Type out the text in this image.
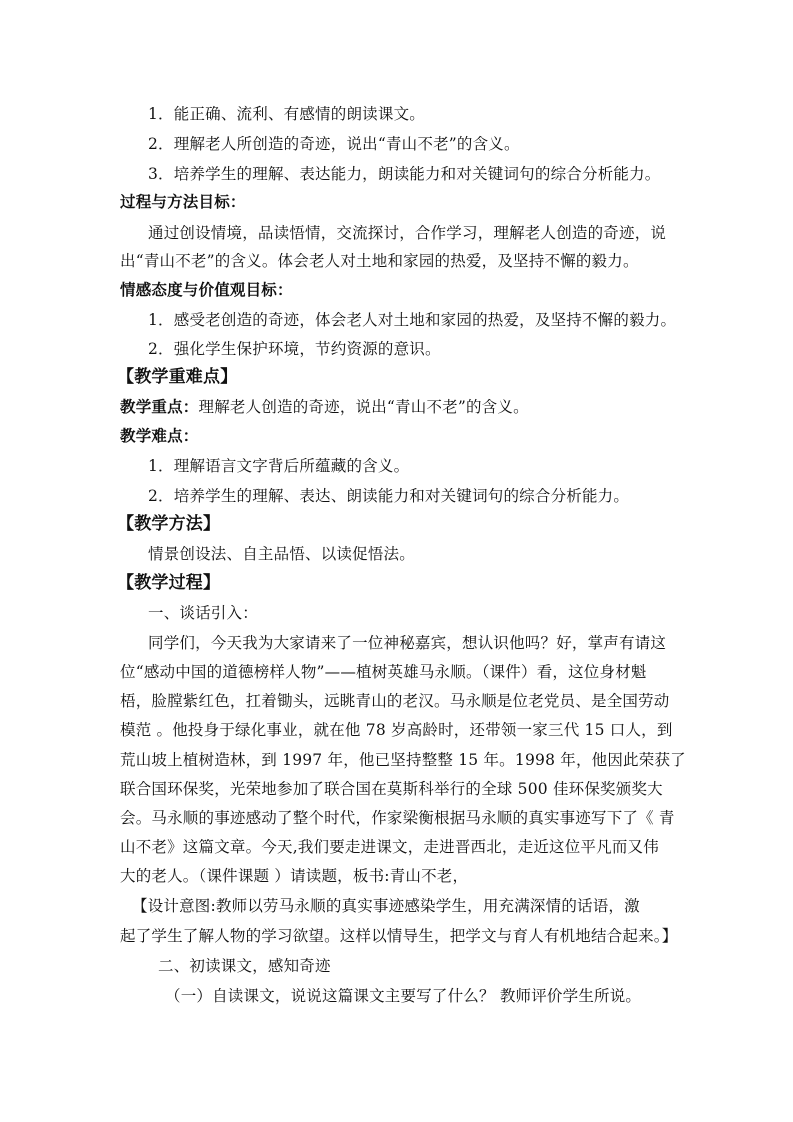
1．能正确、流利、有感情的朗读课文。
2．理解老人所创造的奇迹，说出“青山不老”的含义。
3．培养学生的理解、表达能力，朗读能力和对关键词句的综合分析能力。
过程与方法目标：
通过创设情境，品读悟情，交流探讨，合作学习，理解老人创造的奇迹，说
出“青山不老”的含义。体会老人对土地和家园的热爱，及坚持不懈的毅力。
情感态度与价值观目标：
1．感受老创造的奇迹，体会老人对土地和家园的热爱，及坚持不懈的毅力。
2．强化学生保护环境，节约资源的意识。
【教学重难点】
教学重点：理解老人创造的奇迹，说出“青山不老”的含义。
教学难点：
1．理解语言文字背后所蕴藏的含义。
2．培养学生的理解、表达、朗读能力和对关键词句的综合分析能力。
【教学方法】
情景创设法、自主品悟、以读促悟法。
【教学过程】
一、谈话引入：
同学们，今天我为大家请来了一位神秘嘉宾，想认识他吗？好，掌声有请这
位“感动中国的道德榜样人物”——植树英雄马永顺。（课件）看，这位身材魁
梧，脸膛紫红色，扛着锄头，远眺青山的老汉。马永顺是位老党员、是全国劳动
模范 。他投身于绿化事业，就在他 78 岁高龄时，还带领一家三代 15 口人，到
荒山坡上植树造林，到 1997 年，他已坚持整整 15 年。1998 年，他因此荣获了
联合国环保奖，光荣地参加了联合国在莫斯科举行的全球 500 佳环保奖颁奖大
会。马永顺的事迹感动了整个时代，作家梁衡根据马永顺的真实事迹写下了《 青
山不老》这篇文章。今天,我们要走进课文，走进晋西北，走近这位平凡而又伟
大的老人。（课件课题 ）请读题，板书:青山不老，
【设计意图:教师以劳马永顺的真实事迹感染学生，用充满深情的话语，激
起了学生了解人物的学习欲望。这样以情导生，把学文与育人有机地结合起来。】
二、初读课文，感知奇迹
（一）自读课文，说说这篇课文主要写了什么？ 教师评价学生所说。
